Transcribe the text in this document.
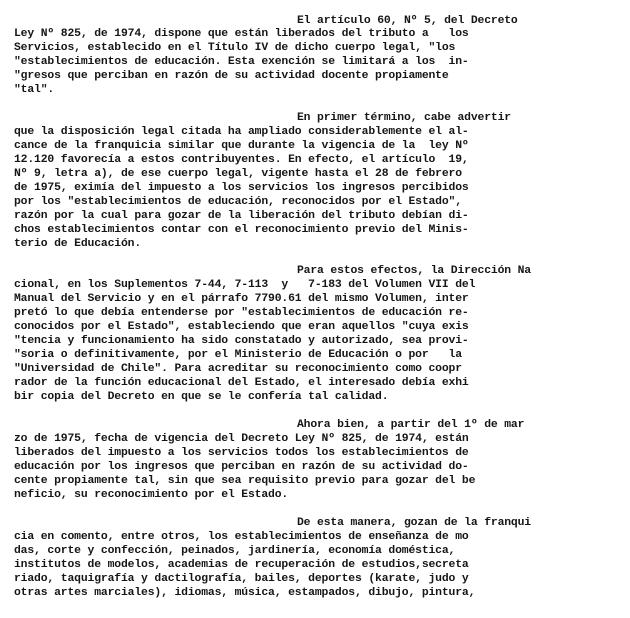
El artículo 60, Nº 5, del Decreto
Ley Nº 825, de 1974, dispone que están liberados del tributo a   los
Servicios, establecido en el Título IV de dicho cuerpo legal, "los
"establecimientos de educación. Esta exención se limitará a los  in-
"gresos que perciban en razón de su actividad docente propiamente
"tal".
En primer término, cabe advertir
que la disposición legal citada ha ampliado considerablemente el al-
cance de la franquicia similar que durante la vigencia de la  ley Nº
12.120 favorecía a estos contribuyentes. En efecto, el artículo  19,
Nº 9, letra a), de ese cuerpo legal, vigente hasta el 28 de febrero
de 1975, eximía del impuesto a los servicios los ingresos percibidos
por los "establecimientos de educación, reconocidos por el Estado",
razón por la cual para gozar de la liberación del tributo debían di-
chos establecimientos contar con el reconocimiento previo del Minis-
terio de Educación.
Para estos efectos, la Dirección Na
cional, en los Suplementos 7-44, 7-113  y   7-183 del Volumen VII del
Manual del Servicio y en el párrafo 7790.61 del mismo Volumen, inter
pretó lo que debía entenderse por "establecimientos de educación re-
conocidos por el Estado", estableciendo que eran aquellos "cuya exis
"tencia y funcionamiento ha sido constatado y autorizado, sea provi-
"soria o definitivamente, por el Ministerio de Educación o por   la
"Universidad de Chile". Para acreditar su reconocimiento como coopr
rador de la función educacional del Estado, el interesado debía exhi
bir copia del Decreto en que se le confería tal calidad.
Ahora bien, a partir del 1º de mar
zo de 1975, fecha de vigencia del Decreto Ley Nº 825, de 1974, están
liberados del impuesto a los servicios todos los establecimientos de
educación por los ingresos que perciban en razón de su actividad do-
cente propiamente tal, sin que sea requisito previo para gozar del be
neficio, su reconocimiento por el Estado.
De esta manera, gozan de la franqui
cia en comento, entre otros, los establecimientos de enseñanza de mo
das, corte y confección, peinados, jardinería, economía doméstica,
institutos de modelos, academias de recuperación de estudios,secreta
riado, taquigrafía y dactilografía, bailes, deportes (karate, judo y
otras artes marciales), idiomas, música, estampados, dibujo, pintura,
